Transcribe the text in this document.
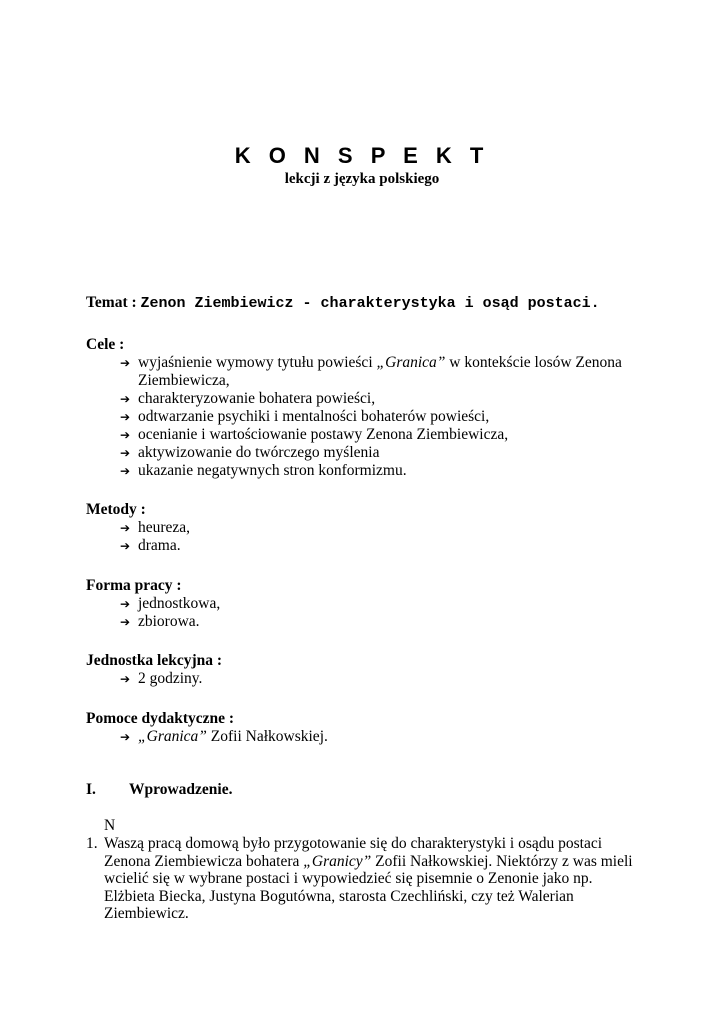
K O N S P E K T
lekcji z języka polskiego
Temat : Zenon Ziembiewicz - charakterystyka i osąd postaci.
Cele :
➔ wyjaśnienie wymowy tytułu powieści „Granica” w kontekście losów Zenona Ziembiewicza,
➔ charakteryzowanie bohatera powieści,
➔ odtwarzanie psychiki i mentalności bohaterów powieści,
➔ ocenianie i wartościowanie postawy Zenona Ziembiewicza,
➔ aktywizowanie do twórczego myślenia
➔ ukazanie negatywnych stron konformizmu.
Metody :
➔ heureza,
➔ drama.
Forma pracy :
➔ jednostkowa,
➔ zbiorowa.
Jednostka lekcyjna :
➔ 2 godziny.
Pomoce dydaktyczne :
➔ „Granica” Zofii Nałkowskiej.
I. Wprowadzenie.
N
1. Waszą pracą domową było przygotowanie się do charakterystyki i osądu postaci Zenona Ziembiewicza bohatera „Granicy” Zofii Nałkowskiej. Niektórzy z was mieli wcielić się w wybrane postaci i wypowiedzieć się pisemnie o Zenonie jako np. Elżbieta Biecka, Justyna Bogutówna, starosta Czechliński, czy też Walerian Ziembiewicz.
